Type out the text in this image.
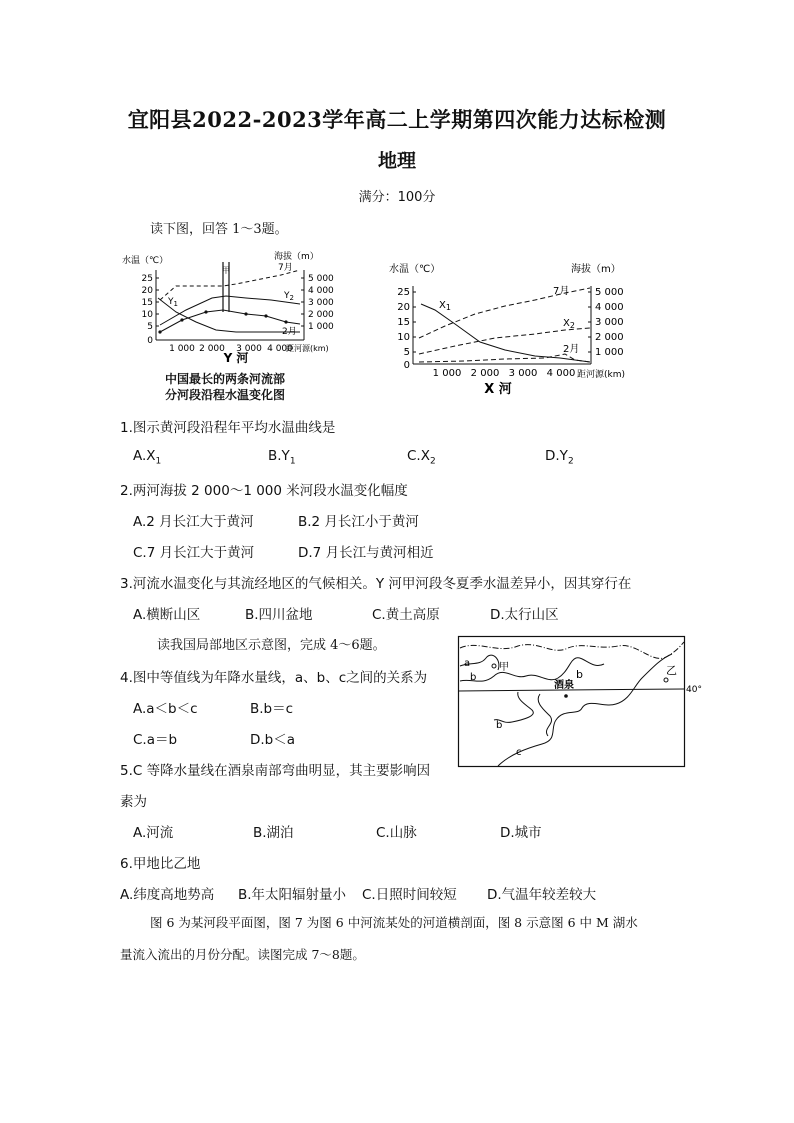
宜阳县2022-2023学年高二上学期第四次能力达标检测
地理
满分：100分
读下图，回答 1～3题。
水温（℃）	海拔（m）
25
20
15
10
5
0
5 000
4 000
3 000
2 000
1 000
1 000 2 000 3 000 4 000
距河源(km)
甲	7月
$Y_2$
$Y_1$
2月
Y 河
中国最长的两条河流部
分河段沿程水温变化图
水温（℃）	海拔（m）
25
20
15
10
5
0
5 000
4 000
3 000
2 000
1 000
1 000 2 000 3 000 4 000 距河源(km)
7月
$X_2$
$X_1$
2月
X 河
1.图示黄河段沿程年平均水温曲线是
$A.X_1$	$B.Y_1$	$C.X_2$	$D.Y_2$
2.两河海拔 2 000～1 000 米河段水温变化幅度
A.2 月长江大于黄河	B.2 月长江小于黄河
C.7 月长江大于黄河	D.7 月长江与黄河相近
3.河流水温变化与其流经地区的气候相关。Y 河甲河段冬夏季水温差异小，因其穿行在
A.横断山区	B.四川盆地	C.黄土高原	D.太行山区
读我国局部地区示意图，完成 4～6题。
40°
a
b	b
b
c
甲
酒泉
乙
4.图中等值线为年降水量线，a、b、c之间的关系为
A.a＜b＜c	B.b＝c
C.a＝b	D.b＜a
5.C 等降水量线在酒泉南部弯曲明显，其主要影响因
素为
A.河流	B.湖泊	C.山脉	D.城市
6.甲地比乙地
A.纬度高地势高 B.年太阳辐射量小 C.日照时间较短 D.气温年较差较大
图 6 为某河段平面图，图 7 为图 6 中河流某处的河道横剖面，图 8 示意图 6 中 M 湖水
量流入流出的月份分配。读图完成 7～8题。
